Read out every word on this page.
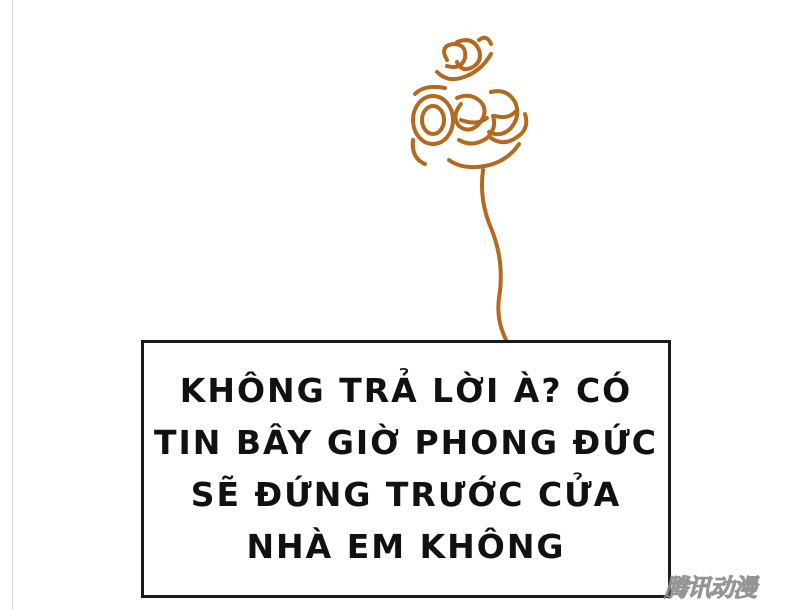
KHÔNG TRẢ LỜI À? CÓ
TIN BÂY GIỜ PHONG ĐỨC
SẼ ĐỨNG TRƯỚC CỬA
NHÀ EM KHÔNG
腾讯动漫
